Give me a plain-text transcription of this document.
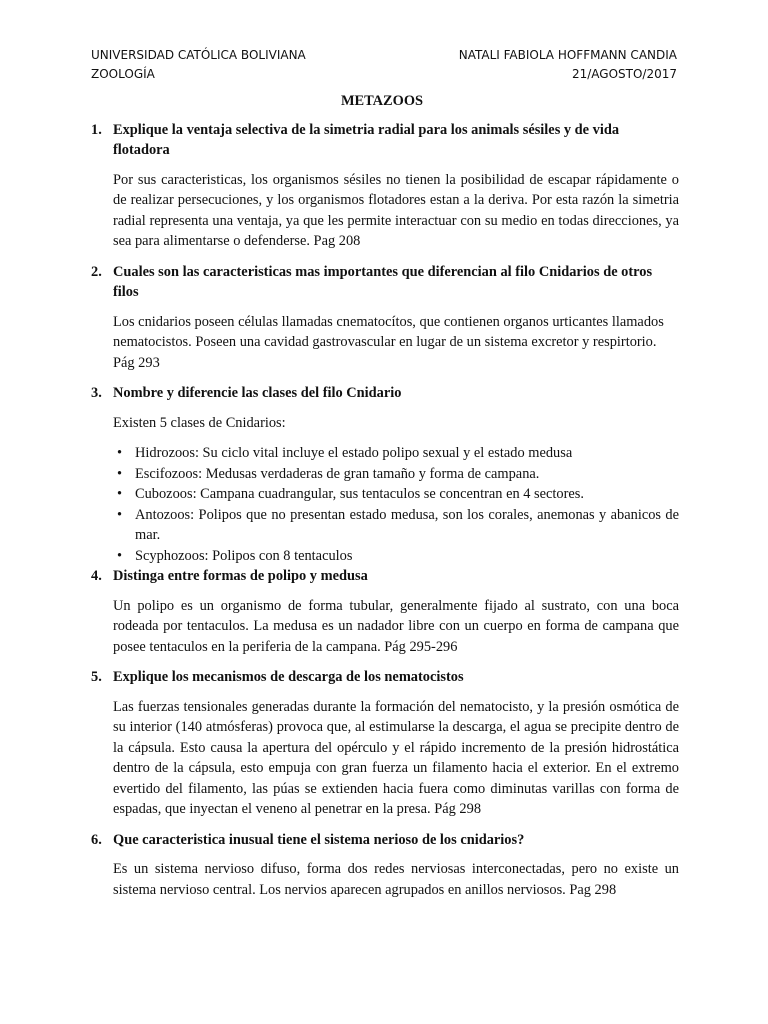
UNIVERSIDAD CATÓLICA BOLIVIANA
ZOOLOGÍA
NATALI FABIOLA HOFFMANN CANDIA
21/AGOSTO/2017
METAZOOS
1. Explique la ventaja selectiva de la simetria radial para los animals sésiles y de vida flotadora

Por sus caracteristicas, los organismos sésiles no tienen la posibilidad de escapar rápidamente o de realizar persecuciones, y los organismos flotadores estan a la deriva. Por esta razón la simetria radial representa una ventaja, ya que les permite interactuar con su medio en todas direcciones, ya sea para alimentarse o defenderse. Pag 208

2. Cuales son las caracteristicas mas importantes que diferencian al filo Cnidarios de otros filos

Los cnidarios poseen células llamadas cnematocítos, que contienen organos urticantes llamados nematocistos. Poseen una cavidad gastrovascular en lugar de un sistema excretor y respirtorio. Pág 293

3. Nombre y diferencie las clases del filo Cnidario

Existen 5 clases de Cnidarios:

• Hidrozoos: Su ciclo vital incluye el estado polipo sexual y el estado medusa
• Escifozoos: Medusas verdaderas de gran tamaño y forma de campana.
• Cubozoos: Campana cuadrangular, sus tentaculos se concentran en 4 sectores.
• Antozoos: Polipos que no presentan estado medusa, son los corales, anemonas y abanicos de mar.
• Scyphozoos: Polipos con 8 tentaculos
4. Distinga entre formas de polipo y medusa

Un polipo es un organismo de forma tubular, generalmente fijado al sustrato, con una boca rodeada por tentaculos. La medusa es un nadador libre con un cuerpo en forma de campana que posee tentaculos en la periferia de la campana. Pág 295-296

5. Explique los mecanismos de descarga de los nematocistos

Las fuerzas tensionales generadas durante la formación del nematocisto, y la presión osmótica de su interior (140 atmósferas) provoca que, al estimularse la descarga, el agua se precipite dentro de la cápsula. Esto causa la apertura del opérculo y el rápido incremento de la presión hidrostática dentro de la cápsula, esto empuja con gran fuerza un filamento hacia el exterior. En el extremo evertido del filamento, las púas se extienden hacia fuera como diminutas varillas con forma de espadas, que inyectan el veneno al penetrar en la presa. Pág 298

6. Que caracteristica inusual tiene el sistema nerioso de los cnidarios?

Es un sistema nervioso difuso, forma dos redes nerviosas interconectadas, pero no existe un sistema nervioso central. Los nervios aparecen agrupados en anillos nerviosos. Pag 298
